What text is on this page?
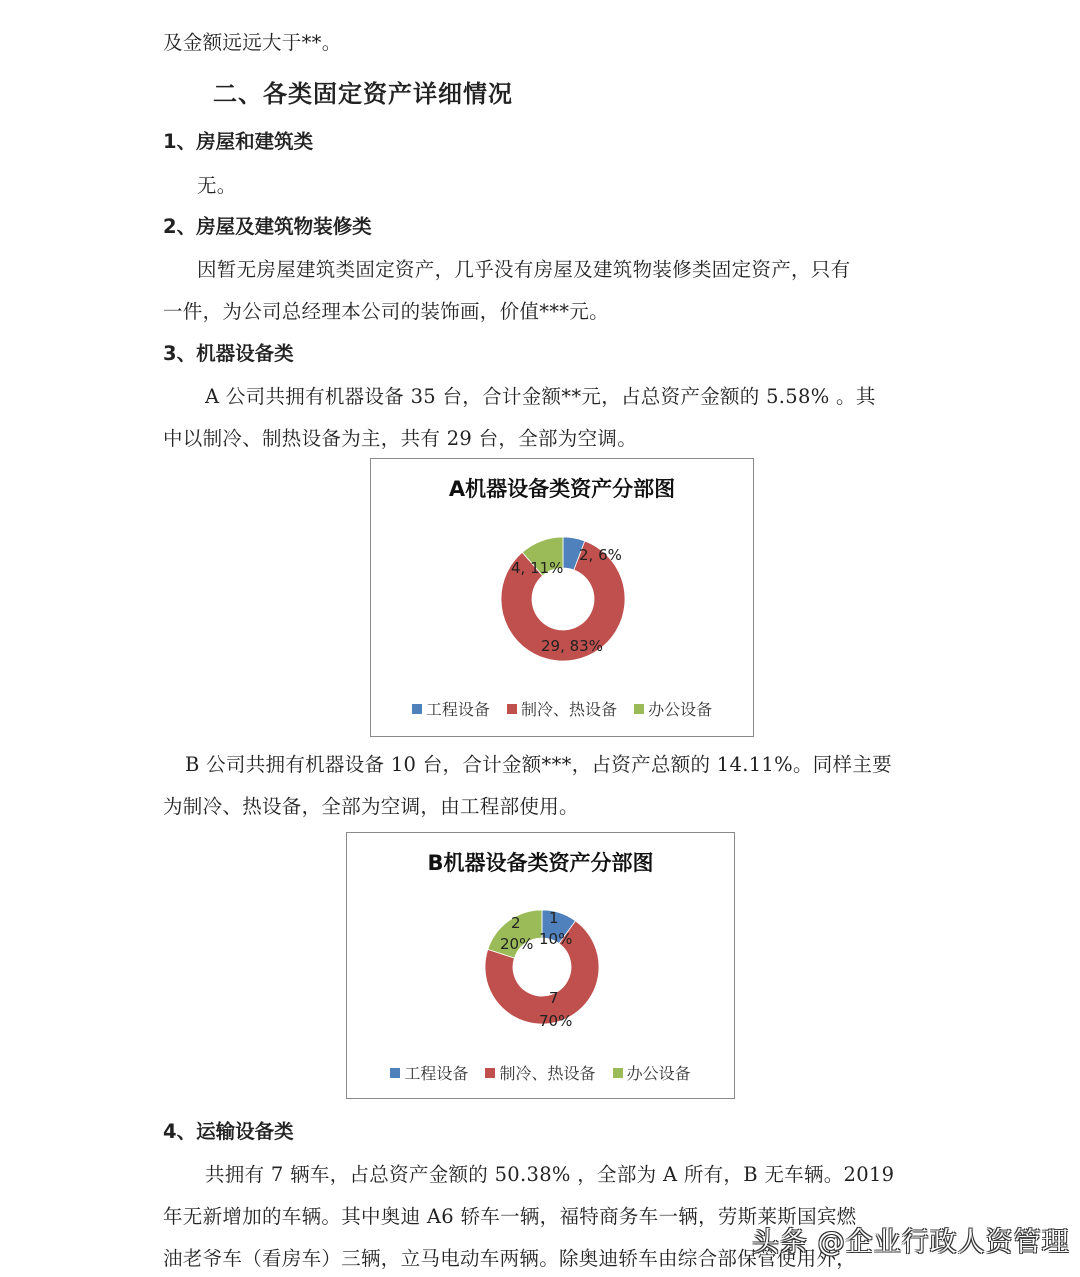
及金额远远大于**。
二、各类固定资产详细情况
1、房屋和建筑类
无。
2、房屋及建筑物装修类
因暂无房屋建筑类固定资产，几乎没有房屋及建筑物装修类固定资产，只有
一件，为公司总经理本公司的装饰画，价值***元。
3、机器设备类
A 公司共拥有机器设备 35 台，合计金额**元，占总资产金额的 5.58% 。其
中以制冷、制热设备为主，共有 29 台，全部为空调。
A机器设备类资产分部图
2, 6%
4, 11%
29, 83%
工程设备 制冷、热设备 办公设备
B 公司共拥有机器设备 10 台，合计金额***，占资产总额的 14.11%。同样主要
为制冷、热设备，全部为空调，由工程部使用。
B机器设备类资产分部图
1
10%
2
20%
7
70%
工程设备 制冷、热设备 办公设备
4、运输设备类
共拥有 7 辆车，占总资产金额的 50.38% ，全部为 A 所有，B 无车辆。2019
年无新增加的车辆。其中奥迪 A6 轿车一辆，福特商务车一辆，劳斯莱斯国宾燃
油老爷车（看房车）三辆，立马电动车两辆。除奥迪轿车由综合部保管使用外，
头条 @企业行政人资管理
